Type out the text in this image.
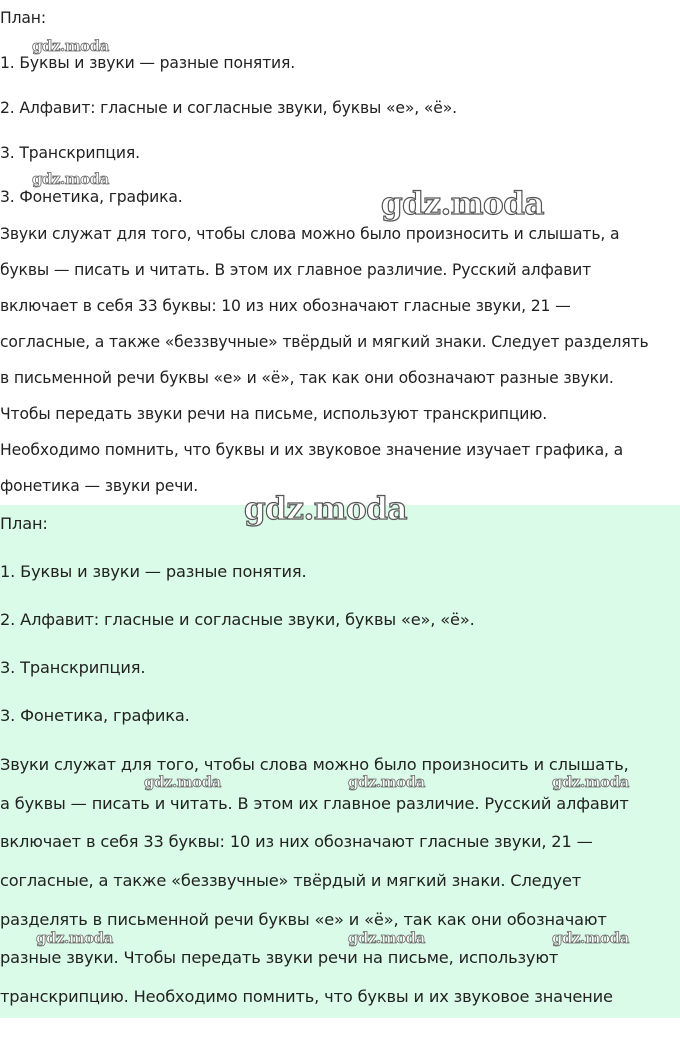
План:
1. Буквы и звуки — разные понятия.
2. Алфавит: гласные и согласные звуки, буквы «е», «ё».
3. Транскрипция.
3. Фонетика, графика.
Звуки служат для того, чтобы слова можно было произносить и слышать, а
буквы — писать и читать. В этом их главное различие. Русский алфавит
включает в себя 33 буквы: 10 из них обозначают гласные звуки, 21 —
согласные, а также «беззвучные» твёрдый и мягкий знаки. Следует разделять
в письменной речи буквы «е» и «ё», так как они обозначают разные звуки.
Чтобы передать звуки речи на письме, используют транскрипцию.
Необходимо помнить, что буквы и их звуковое значение изучает графика, а
фонетика — звуки речи.
План:
1. Буквы и звуки — разные понятия.
2. Алфавит: гласные и согласные звуки, буквы «е», «ё».
3. Транскрипция.
3. Фонетика, графика.
Звуки служат для того, чтобы слова можно было произносить и слышать,
а буквы — писать и читать. В этом их главное различие. Русский алфавит
включает в себя 33 буквы: 10 из них обозначают гласные звуки, 21 —
согласные, а также «беззвучные» твёрдый и мягкий знаки. Следует
разделять в письменной речи буквы «е» и «ё», так как они обозначают
разные звуки. Чтобы передать звуки речи на письме, используют
транскрипцию. Необходимо помнить, что буквы и их звуковое значение
gdz.moda
gdz.moda
gdz.moda
gdz.moda
gdz.moda	gdz.moda	gdz.moda
gdz.moda	gdz.moda	gdz.moda
